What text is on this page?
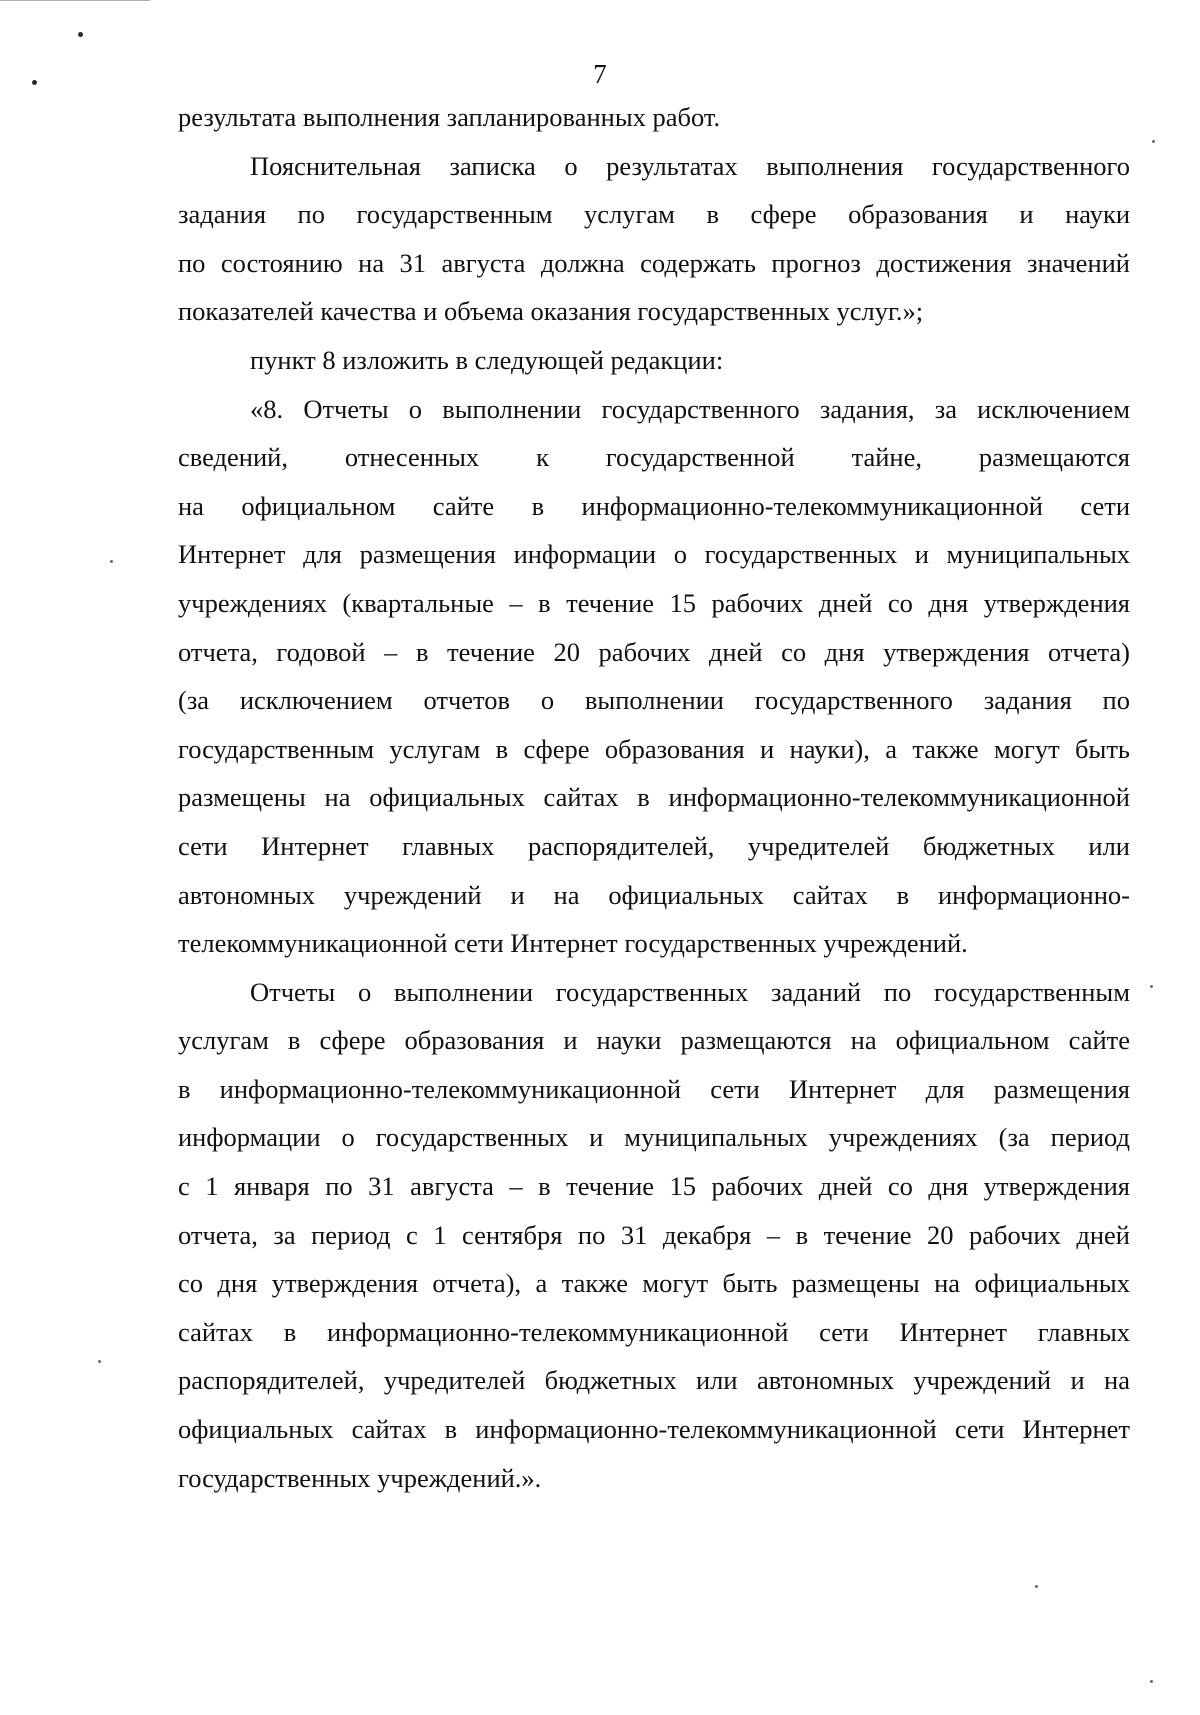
7
результата выполнения запланированных работ.
Пояснительная записка о результатах выполнения государственного
задания по государственным услугам в сфере образования и науки
по состоянию на 31 августа должна содержать прогноз достижения значений
показателей качества и объема оказания государственных услуг.»;
пункт 8 изложить в следующей редакции:
«8. Отчеты о выполнении государственного задания, за исключением
сведений, отнесенных к государственной тайне, размещаются
на официальном сайте в информационно-телекоммуникационной сети
Интернет для размещения информации о государственных и муниципальных
учреждениях (квартальные – в течение 15 рабочих дней со дня утверждения
отчета, годовой – в течение 20 рабочих дней со дня утверждения отчета)
(за исключением отчетов о выполнении государственного задания по
государственным услугам в сфере образования и науки), а также могут быть
размещены на официальных сайтах в информационно-телекоммуникационной
сети Интернет главных распорядителей, учредителей бюджетных или
автономных учреждений и на официальных сайтах в информационно-
телекоммуникационной сети Интернет государственных учреждений.
Отчеты о выполнении государственных заданий по государственным
услугам в сфере образования и науки размещаются на официальном сайте
в информационно-телекоммуникационной сети Интернет для размещения
информации о государственных и муниципальных учреждениях (за период
с 1 января по 31 августа – в течение 15 рабочих дней со дня утверждения
отчета, за период с 1 сентября по 31 декабря – в течение 20 рабочих дней
со дня утверждения отчета), а также могут быть размещены на официальных
сайтах в информационно-телекоммуникационной сети Интернет главных
распорядителей, учредителей бюджетных или автономных учреждений и на
официальных сайтах в информационно-телекоммуникационной сети Интернет
государственных учреждений.».
